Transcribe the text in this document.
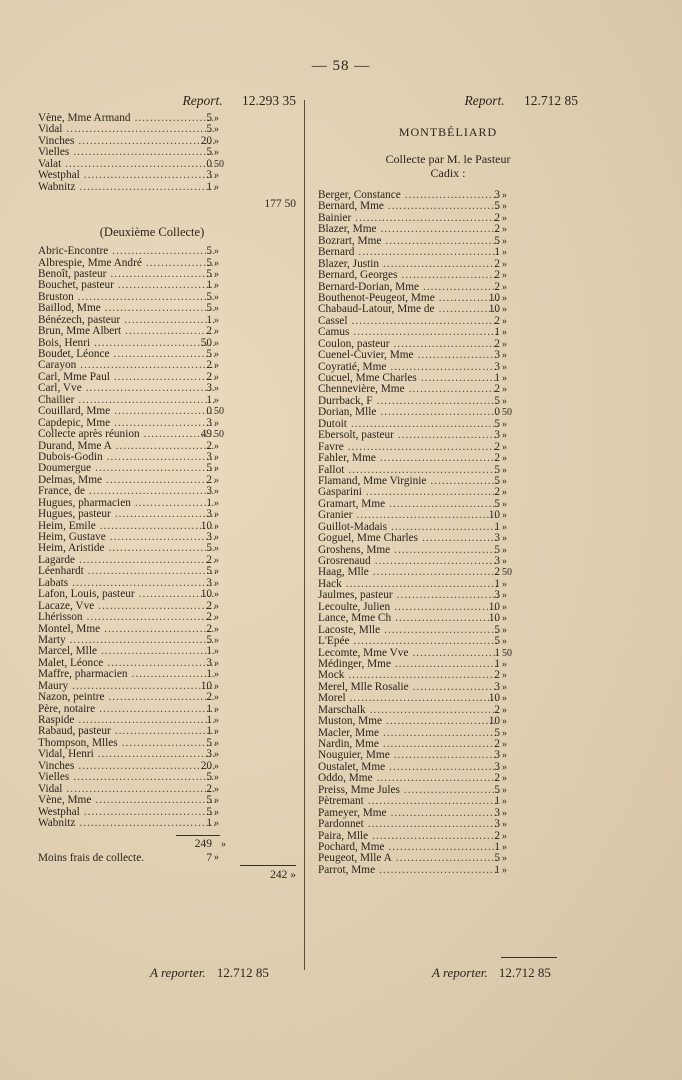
— 58 —
Report. 12.293 35
.....
Vène, Mme Armand	5 »
.....
Vidal	5 »
.....
Vinches	20 »
.....
Vielles	5 »
.....
Valat	0 50
.....
Westphal	3 »
.....
Wabnitz	1 »
177 50
(Deuxième Collecte)
.....
Abric-Encontre	5 »
.....
Albrespie, Mme André	5 »
.....
Benoît, pasteur	5 »
.....
Bouchet, pasteur	1 »
.....
Bruston	5 »
.....
Baillod, Mme	5 »
.....
Bénézech, pasteur	1 »
.....
Brun, Mme Albert	2 »
.....
Bois, Henri	50 »
.....
Boudet, Léonce	5 »
.....
Carayon	2 »
.....
Carl, Mme Paul	2 »
.....
Carl, Vve	3 »
.....
Chailier	1 »
.....
Couillard, Mme	0 50
.....
Capdepic, Mme	3 »
.....
Collecte après réunion	49 50
.....
Durand, Mme A	2 »
.....
Dubois-Godin	3 »
.....
Doumergue	5 »
.....
Delmas, Mme	2 »
.....
France, de	3 »
.....
Hugues, pharmacien	1 »
.....
Hugues, pasteur	3 »
.....
Heim, Emile	10 »
.....
Heim, Gustave	3 »
.....
Heim, Aristide	5 »
.....
Lagarde	2 »
.....
Léenhardt	5 »
.....
Labats	3 »
.....
Lafon, Louis, pasteur	10 »
.....
Lacaze, Vve	2 »
.....
Lhérisson	2 »
.....
Montel, Mme	2 »
.....
Marty	5 »
.....
Marcel, Mlle	1 »
.....
Malet, Léonce	3 »
.....
Maffre, pharmacien	1 »
.....
Maury	10 »
.....
Nazon, peintre	2 »
.....
Père, notaire	1 »
.....
Raspide	1 »
.....
Rabaud, pasteur	1 »
.....
Thompson, Mlles	5 »
.....
Vidal, Henri	3 »
.....
Vinches	20 »
.....
Vielles	5 »
.....
Vidal	2 »
.....
Vène, Mme	5 »
.....
Westphal	5 »
.....
Wabnitz	1 »
249 »
Moins frais de collecte.	7 »
242 »
A reporter. 12.712 85
Report. 12.712 85
MONTBÉLIARD
Collecte par M. le Pasteur
Cadix :
.....
Berger, Constance	3 »
.....
Bernard, Mme	5 »
.....
Bainier	2 »
.....
Blazer, Mme	2 »
.....
Bozrart, Mme	5 »
.....
Bernard	1 »
.....
Blazer, Justin	2 »
.....
Bernard, Georges	2 »
.....
Bernard-Dorian, Mme	2 »
.....
Bouthenot-Peugeot, Mme	10 »
.....
Chabaud-Latour, Mme de	10 »
.....
Cassel	2 »
.....
Camus	1 »
.....
Coulon, pasteur	2 »
.....
Cuenel-Cuvier, Mme	3 »
.....
Coyratié, Mme	3 »
.....
Cucuel, Mme Charles	1 »
.....
Chennevière, Mme	2 »
.....
Durrback, F	5 »
.....
Dorian, Mlle	0 50
.....
Dutoit	5 »
.....
Ebersolt, pasteur	3 »
.....
Favre	2 »
.....
Fahler, Mme	2 »
.....
Fallot	5 »
.....
Flamand, Mme Virginie	5 »
.....
Gasparini	2 »
.....
Gramart, Mme	5 »
.....
Granier	10 »
.....
Guillot-Madais	1 »
.....
Goguel, Mme Charles	3 »
.....
Groshens, Mme	5 »
.....
Grosrenaud	3 »
.....
Haag, Mlle	2 50
.....
Hack	1 »
.....
Jaulmes, pasteur	3 »
.....
Lecoulte, Julien	10 »
.....
Lance, Mme Ch	10 »
.....
Lacoste, Mlle	5 »
.....
L'Epée	5 »
.....
Lecomte, Mme Vve	1 50
.....
Médinger, Mme	1 »
.....
Mock	2 »
.....
Merel, Mlle Rosalie	3 »
.....
Morel	10 »
.....
Marschalk	2 »
.....
Muston, Mme	10 »
.....
Macler, Mme	5 »
.....
Nardin, Mme	2 »
.....
Nouguier, Mme	3 »
.....
Oustalet, Mme	3 »
.....
Oddo, Mme	2 »
.....
Preiss, Mme Jules	5 »
.....
Pètremant	1 »
.....
Pameyer, Mme	3 »
.....
Pardonnet	3 »
.....
Paira, Mlle	2 »
.....
Pochard, Mme	1 »
.....
Peugeot, Mlle A	5 »
.....
Parrot, Mme	1 »
A reporter. 12.712 85
